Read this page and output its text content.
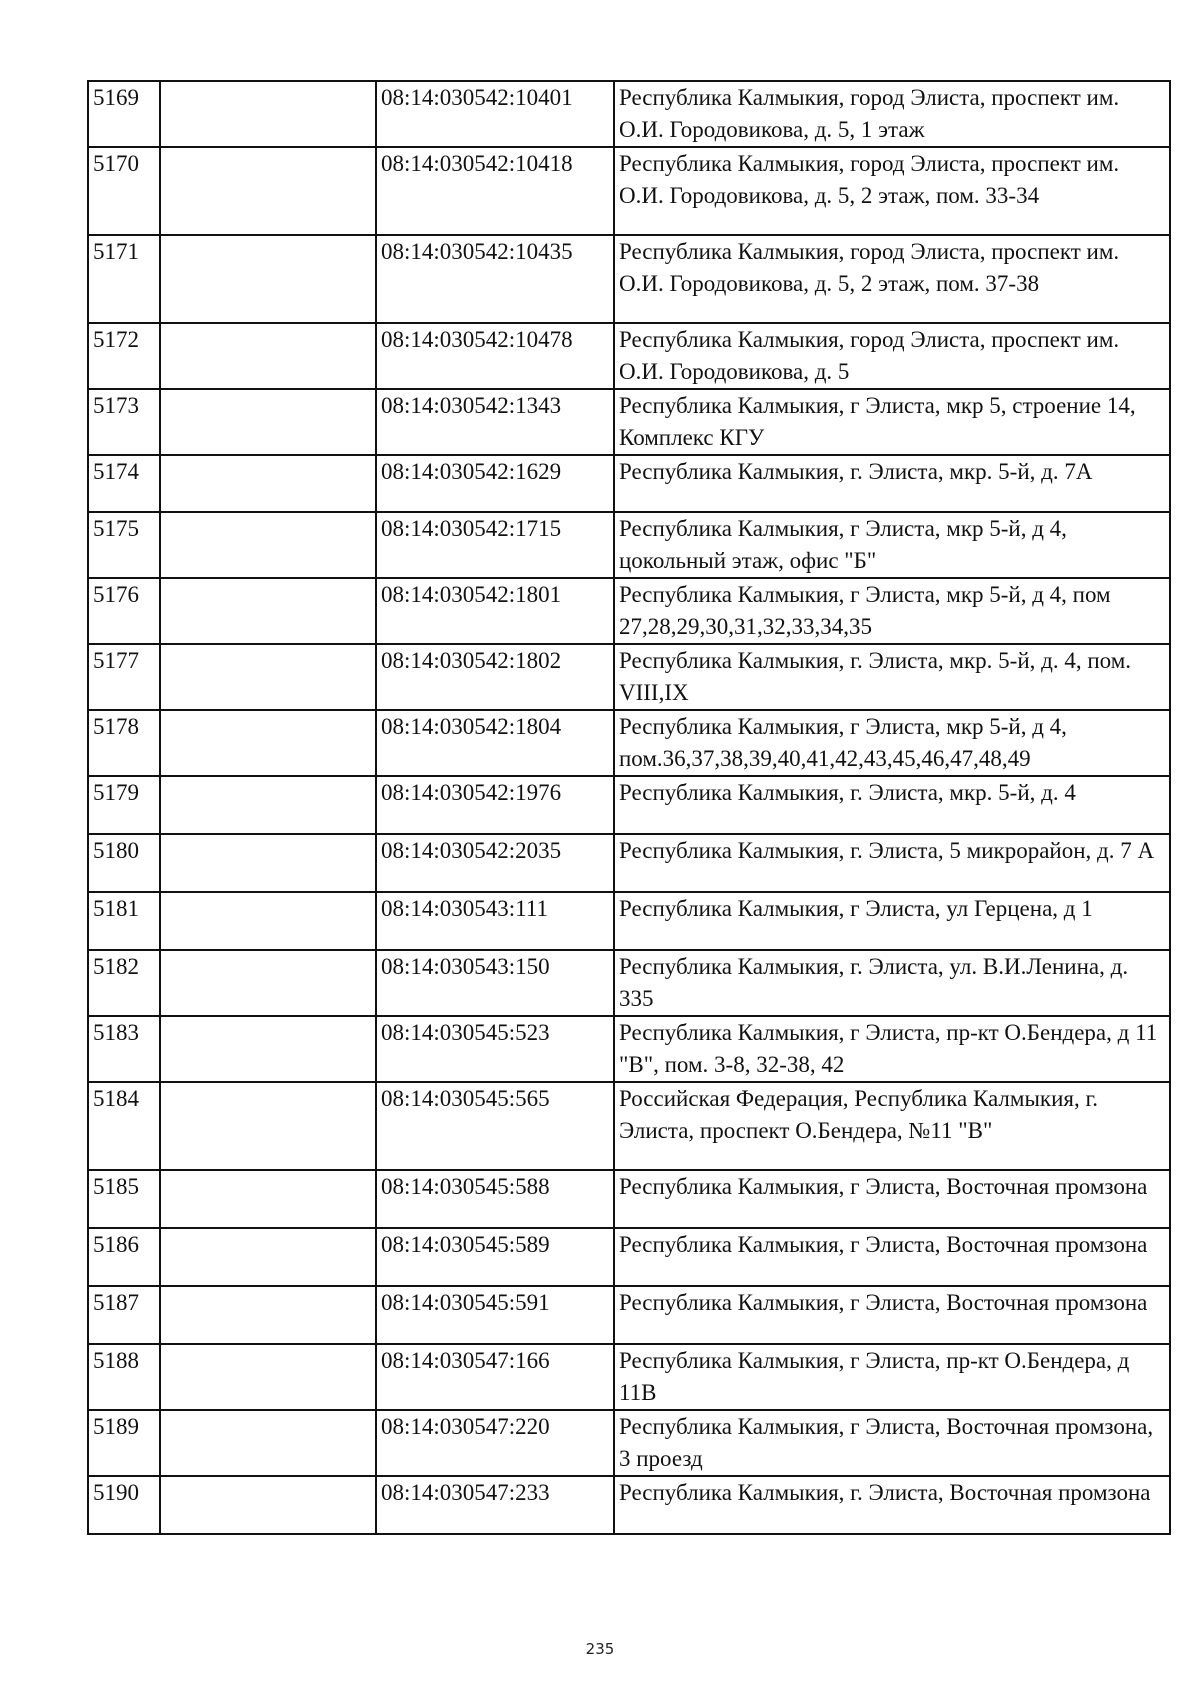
5169		08:14:030542:10401	Республика Калмыкия, город Элиста, проспект им. О.И. Городовикова, д. 5, 1 этаж
5170		08:14:030542:10418	Республика Калмыкия, город Элиста, проспект им. О.И. Городовикова, д. 5, 2 этаж, пом. 33-34
5171		08:14:030542:10435	Республика Калмыкия, город Элиста, проспект им. О.И. Городовикова, д. 5, 2 этаж, пом. 37-38
5172		08:14:030542:10478	Республика Калмыкия, город Элиста, проспект им. О.И. Городовикова, д. 5
5173		08:14:030542:1343	Республика Калмыкия, г Элиста, мкр 5, строение 14, Комплекс КГУ
5174		08:14:030542:1629	Республика Калмыкия, г. Элиста, мкр. 5-й, д. 7А
5175		08:14:030542:1715	Республика Калмыкия, г Элиста, мкр 5-й, д 4, цокольный этаж, офис "Б"
5176		08:14:030542:1801	Республика Калмыкия, г Элиста, мкр 5-й, д 4, пом 27,28,29,30,31,32,33,34,35
5177		08:14:030542:1802	Республика Калмыкия, г. Элиста, мкр. 5-й, д. 4, пом. VIII,IX
5178		08:14:030542:1804	Республика Калмыкия, г Элиста, мкр 5-й, д 4, пом.36,37,38,39,40,41,42,43,45,46,47,48,49
5179		08:14:030542:1976	Республика Калмыкия, г. Элиста, мкр. 5-й, д. 4
5180		08:14:030542:2035	Республика Калмыкия, г. Элиста, 5 микрорайон, д. 7 А
5181		08:14:030543:111	Республика Калмыкия, г Элиста, ул Герцена, д 1
5182		08:14:030543:150	Республика Калмыкия, г. Элиста, ул. В.И.Ленина, д. 335
5183		08:14:030545:523	Республика Калмыкия, г Элиста, пр-кт О.Бендера, д 11 "В", пом. 3-8, 32-38, 42
5184		08:14:030545:565	Российская Федерация, Республика Калмыкия, г. Элиста, проспект О.Бендера, №11 "В"
5185		08:14:030545:588	Республика Калмыкия, г Элиста, Восточная промзона
5186		08:14:030545:589	Республика Калмыкия, г Элиста, Восточная промзона
5187		08:14:030545:591	Республика Калмыкия, г Элиста, Восточная промзона
5188		08:14:030547:166	Республика Калмыкия, г Элиста, пр-кт О.Бендера, д 11В
5189		08:14:030547:220	Республика Калмыкия, г Элиста, Восточная промзона, 3 проезд
5190		08:14:030547:233	Республика Калмыкия, г. Элиста, Восточная промзона
235
